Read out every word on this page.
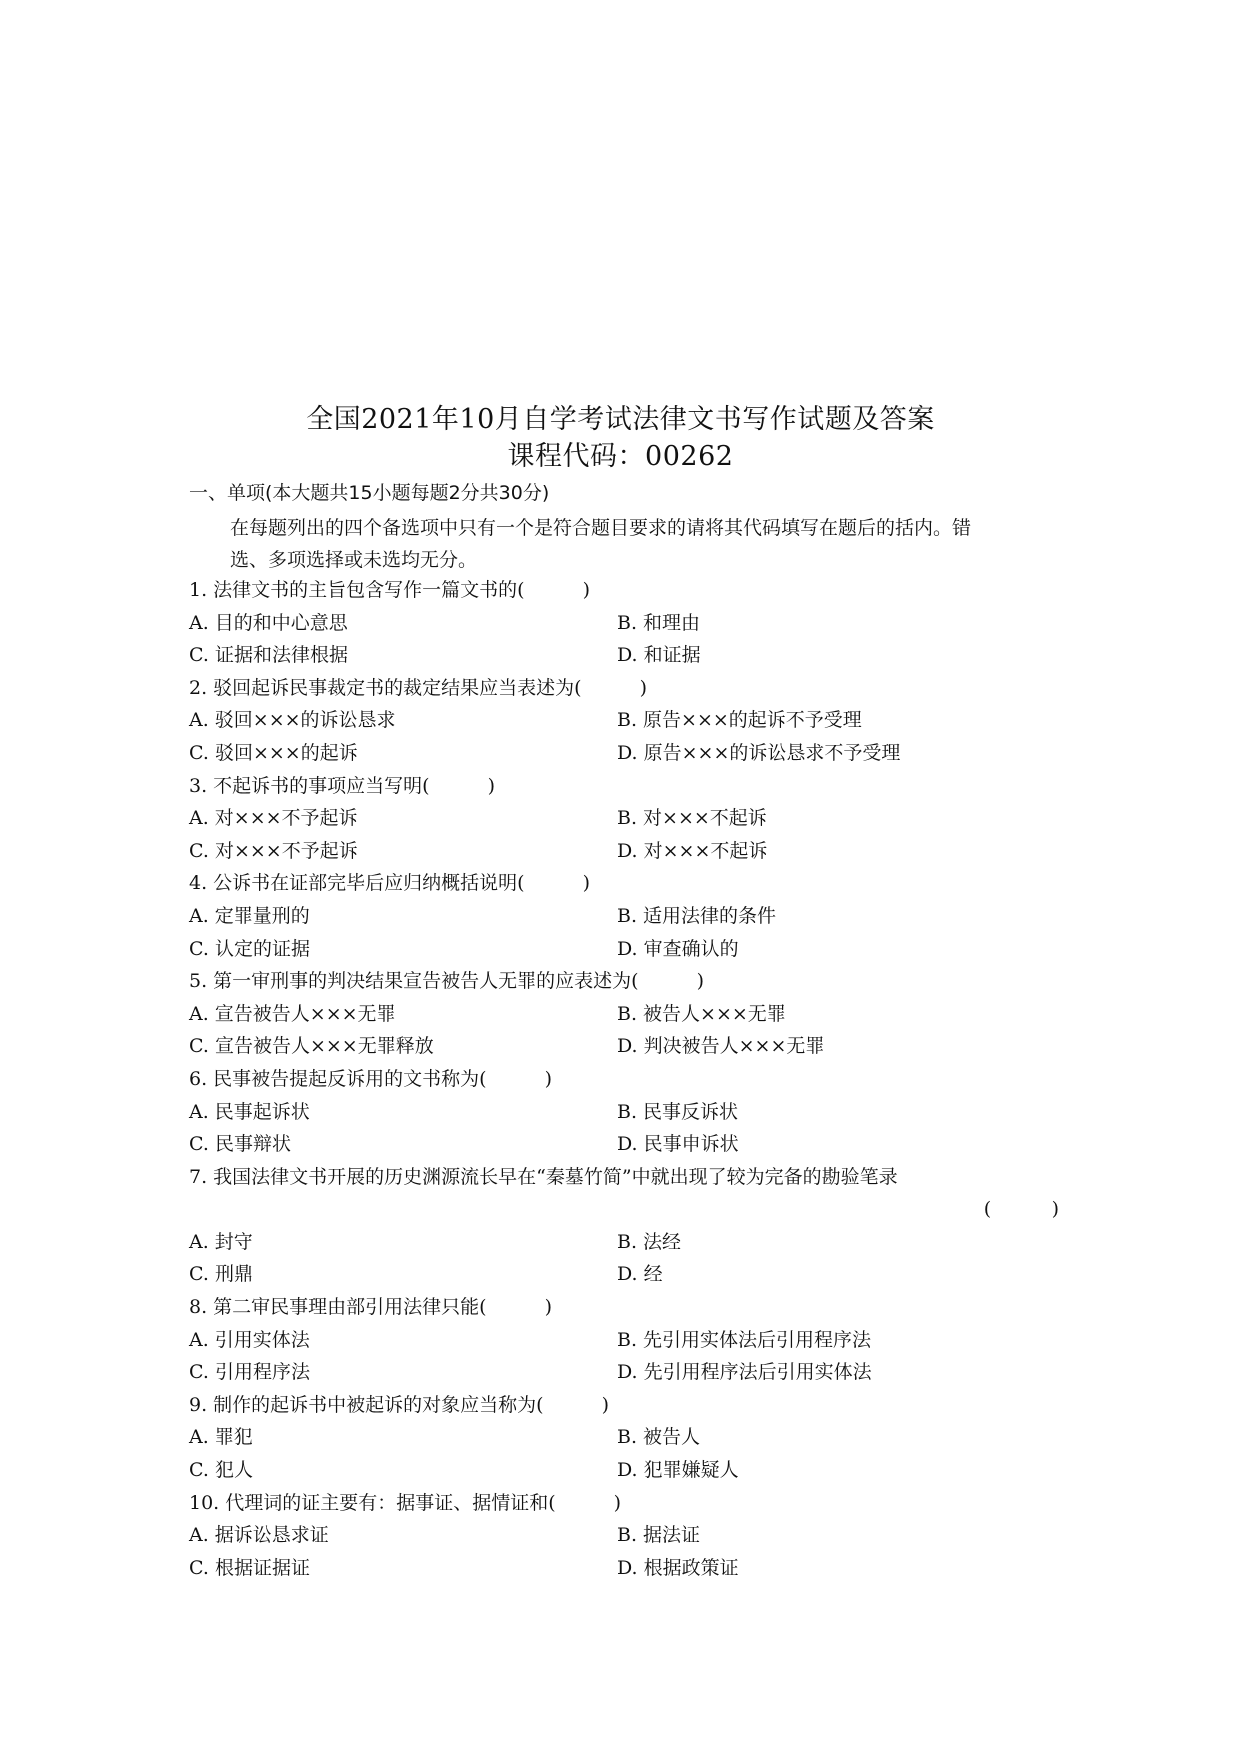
全国2021年10月自学考试法律文书写作试题及答案
课程代码：00262
一、单项(本大题共15小题每题2分共30分)
在每题列出的四个备选项中只有一个是符合题目要求的请将其代码填写在题后的括内。错
选、多项选择或未选均无分。
1. 法律文书的主旨包含写作一篇文书的(	)
A. 目的和中心意思	B. 和理由
C. 证据和法律根据	D. 和证据
2. 驳回起诉民事裁定书的裁定结果应当表述为(	)
A. 驳回×××的诉讼恳求	B. 原告×××的起诉不予受理
C. 驳回×××的起诉	D. 原告×××的诉讼恳求不予受理
3. 不起诉书的事项应当写明(	)
A. 对×××不予起诉	B. 对×××不起诉
C. 对×××不予起诉	D. 对×××不起诉
4. 公诉书在证部完毕后应归纳概括说明(	)
A. 定罪量刑的	B. 适用法律的条件
C. 认定的证据	D. 审查确认的
5. 第一审刑事的判决结果宣告被告人无罪的应表述为(	)
A. 宣告被告人×××无罪	B. 被告人×××无罪
C. 宣告被告人×××无罪释放	D. 判决被告人×××无罪
6. 民事被告提起反诉用的文书称为(	)
A. 民事起诉状	B. 民事反诉状
C. 民事辩状	D. 民事申诉状
7. 我国法律文书开展的历史渊源流长早在“秦墓竹简”中就出现了较为完备的勘验笔录
(          )
A. 封守	B. 法经
C. 刑鼎	D. 经
8. 第二审民事理由部引用法律只能(	)
A. 引用实体法	B. 先引用实体法后引用程序法
C. 引用程序法	D. 先引用程序法后引用实体法
9. 制作的起诉书中被起诉的对象应当称为(	)
A. 罪犯	B. 被告人
C. 犯人	D. 犯罪嫌疑人
10. 代理词的证主要有：据事证、据情证和(	)
A. 据诉讼恳求证	B. 据法证
C. 根据证据证	D. 根据政策证
